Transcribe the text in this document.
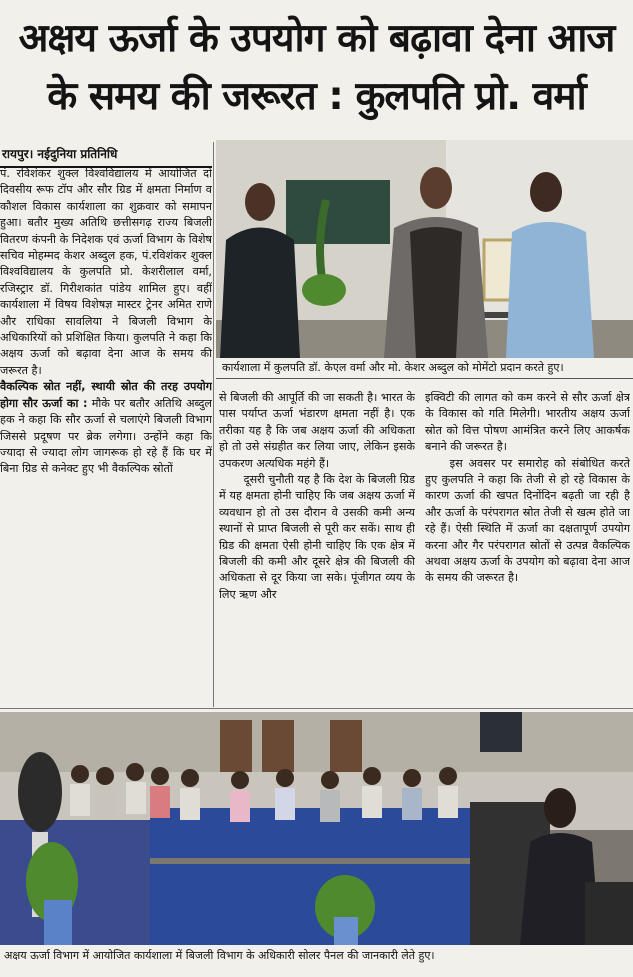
अक्षय ऊर्जा के उपयोग को बढ़ावा देना आज
के समय की जरूरत : कुलपति प्रो. वर्मा
रायपुर। नईदुनिया प्रतिनिधि

पं. रविशंकर शुक्ल विश्वविद्यालय में आयोजित दो दिवसीय रूफ टॉप और सौर ग्रिड में क्षमता निर्माण व कौशल विकास कार्यशाला का शुक्रवार को समापन हुआ। बतौर मुख्य अतिथि छत्तीसगढ़ राज्य बिजली वितरण कंपनी के निदेशक एवं ऊर्जा विभाग के विशेष सचिव मोहम्मद केशर अब्दुल हक, पं.रविशंकर शुक्ल विश्वविद्यालय के कुलपति प्रो. केशरीलाल वर्मा, रजिस्ट्रार डॉ. गिरीशकांत पांडेय शामिल हुए। वहीं कार्यशाला में विषय विशेषज्ञ मास्टर ट्रेनर अमित राणे और राधिका सावलिया ने बिजली विभाग के अधिकारियों को प्रशिक्षित किया। कुलपति ने कहा कि अक्षय ऊर्जा को बढ़ावा देना आज के समय की जरूरत है।

वैकल्पिक स्रोत नहीं, स्थायी स्रोत की तरह उपयोग होगा सौर ऊर्जा का : मौके पर बतौर अतिथि अब्दुल हक ने कहा कि सौर ऊर्जा से चलाएंगे बिजली विभाग जिससे प्रदूषण पर ब्रेक लगेगा। उन्होंने कहा कि ज्यादा से ज्यादा लोग जागरूक हो रहे हैं कि घर में बिना ग्रिड से कनेक्ट हुए भी वैकल्पिक स्रोतों

कार्यशाला में कुलपति डॉ. केएल वर्मा और मो. केशर अब्दुल को मोमेंटो प्रदान करते हुए।

से बिजली की आपूर्ति की जा सकती है। भारत के पास पर्याप्त ऊर्जा भंडारण क्षमता नहीं है। एक तरीका यह है कि जब अक्षय ऊर्जा की अधिकता हो तो उसे संग्रहीत कर लिया जाए, लेकिन इसके उपकरण अत्यधिक महंगे हैं।

दूसरी चुनौती यह है कि देश के बिजली ग्रिड में यह क्षमता होनी चाहिए कि जब अक्षय ऊर्जा में व्यवधान हो तो उस दौरान वे उसकी कमी अन्य स्थानों से प्राप्त बिजली से पूरी कर सकें। साथ ही ग्रिड की क्षमता ऐसी होनी चाहिए कि एक क्षेत्र में बिजली की कमी और दूसरे क्षेत्र की बिजली की अधिकता से दूर किया जा सके। पूंजीगत व्यय के लिए ऋण और

इक्विटी की लागत को कम करने से सौर ऊर्जा क्षेत्र के विकास को गति मिलेगी। भारतीय अक्षय ऊर्जा स्रोत को वित्त पोषण आमंत्रित करने लिए आकर्षक बनाने की जरूरत है।

इस अवसर पर समारोह को संबोधित करते हुए कुलपति ने कहा कि तेजी से हो रहे विकास के कारण ऊर्जा की खपत दिनोंदिन बढ़ती जा रही है और ऊर्जा के परंपरागत स्रोत तेजी से खत्म होते जा रहे हैं। ऐसी स्थिति में ऊर्जा का दक्षतापूर्ण उपयोग करना और गैर परंपरागत स्रोतों से उत्पन्न वैकल्पिक अथवा अक्षय ऊर्जा के उपयोग को बढ़ावा देना आज के समय की जरूरत है।

अक्षय ऊर्जा विभाग में आयोजित कार्यशाला में बिजली विभाग के अधिकारी सोलर पैनल की जानकारी लेते हुए।
